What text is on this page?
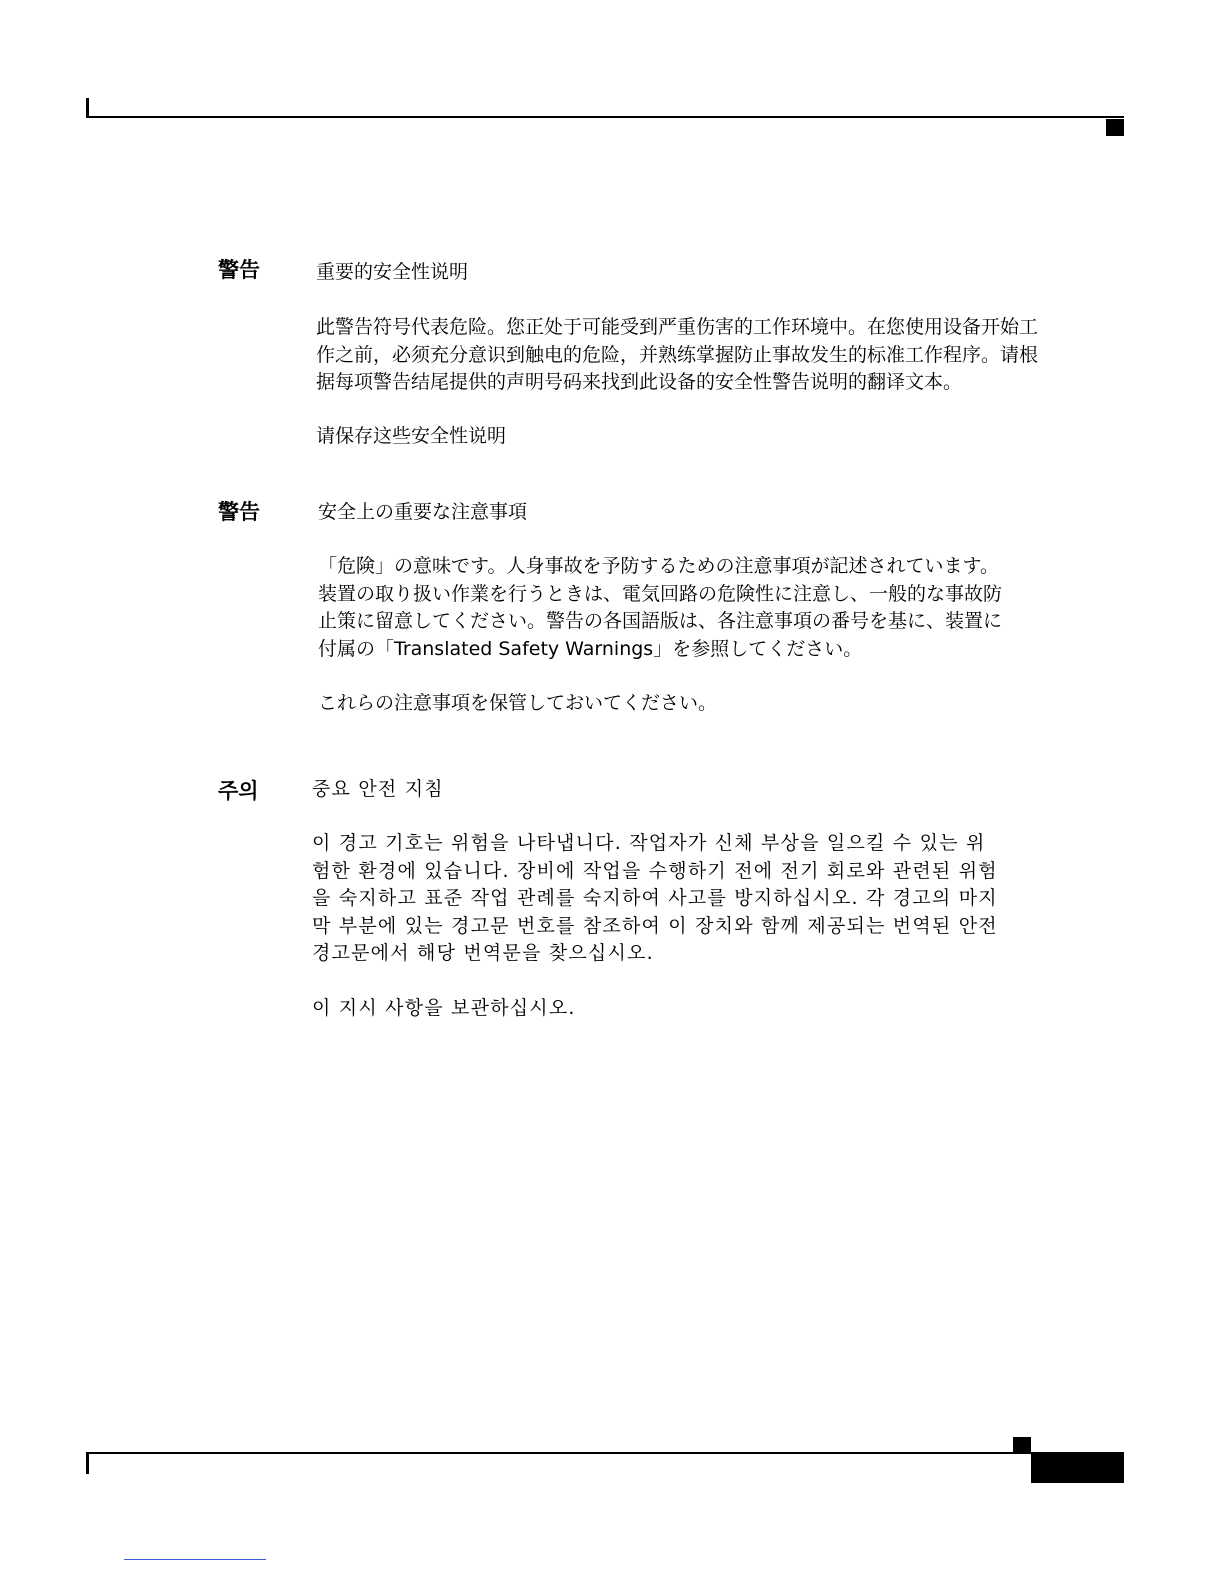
警告	重要的安全性说明

此警告符号代表危险。您正处于可能受到严重伤害的工作环境中。在您使用设备开始工
作之前，必须充分意识到触电的危险，并熟练掌握防止事故发生的标准工作程序。请根
据每项警告结尾提供的声明号码来找到此设备的安全性警告说明的翻译文本。

请保存这些安全性说明

警告	安全上の重要な注意事項

「危険」の意味です。人身事故を予防するための注意事項が記述されています。
装置の取り扱い作業を行うときは、電気回路の危険性に注意し、一般的な事故防
止策に留意してください。警告の各国語版は、各注意事項の番号を基に、装置に
付属の「Translated Safety Warnings」を参照してください。

これらの注意事項を保管しておいてください。

주의	중요 안전 지침

이 경고 기호는 위험을 나타냅니다. 작업자가 신체 부상을 일으킬 수 있는 위
험한 환경에 있습니다. 장비에 작업을 수행하기 전에 전기 회로와 관련된 위험
을 숙지하고 표준 작업 관례를 숙지하여 사고를 방지하십시오. 각 경고의 마지
막 부분에 있는 경고문 번호를 참조하여 이 장치와 함께 제공되는 번역된 안전
경고문에서 해당 번역문을 찾으십시오.

이 지시 사항을 보관하십시오.
